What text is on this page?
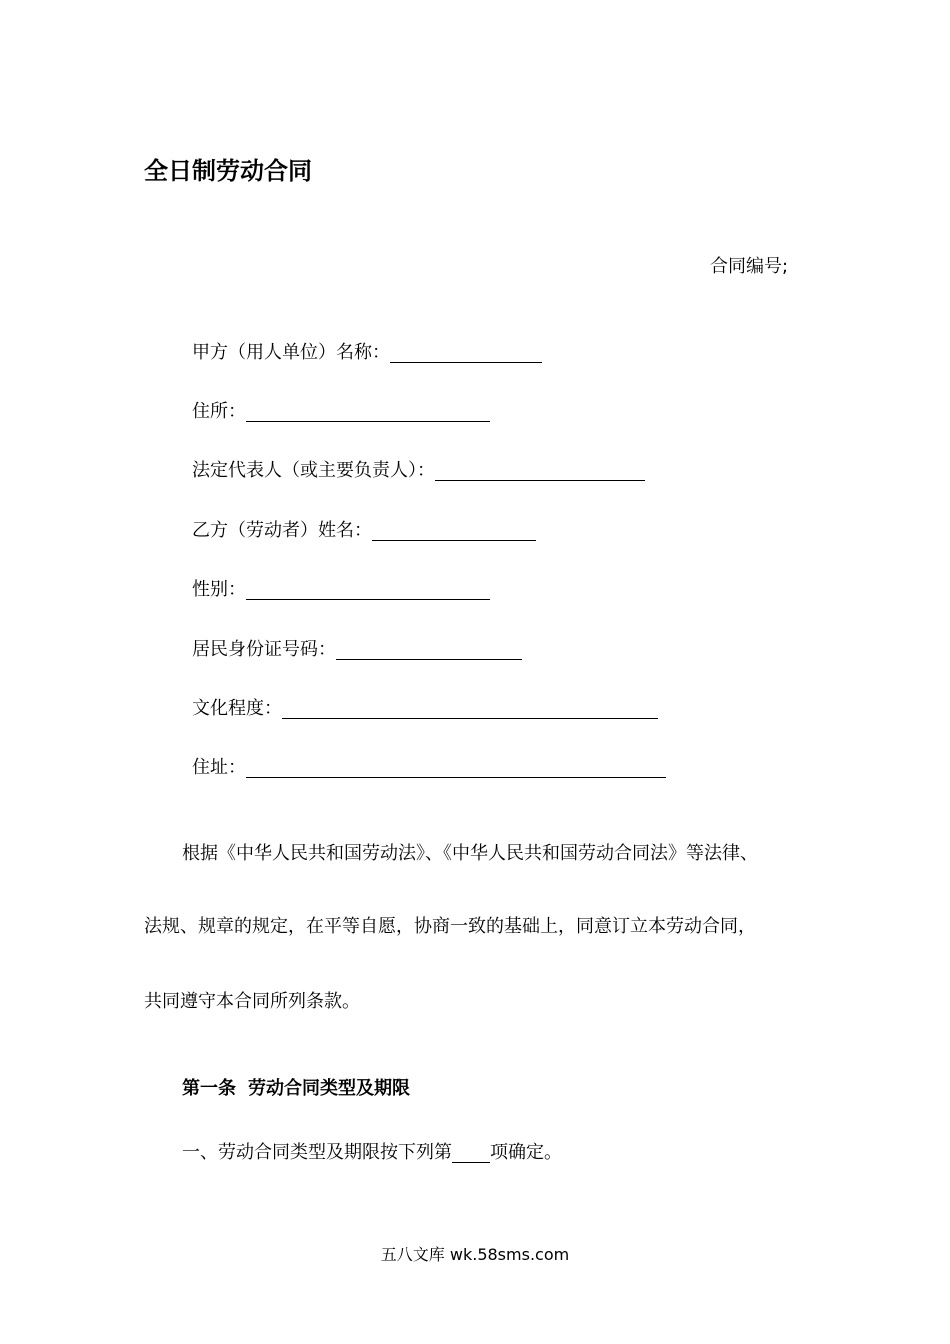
全日制劳动合同
合同编号;
甲方（用人单位）名称：
住所：
法定代表人（或主要负责人）：
乙方（劳动者）姓名：
性别：
居民身份证号码：
文化程度：
住址：
根据《中华人民共和国劳动法》、《中华人民共和国劳动合同法》等法律、
法规、规章的规定，在平等自愿，协商一致的基础上，同意订立本劳动合同，
共同遵守本合同所列条款。
第一条 劳动合同类型及期限
一、劳动合同类型及期限按下列第 项确定。
五八文库 wk.58sms.com
